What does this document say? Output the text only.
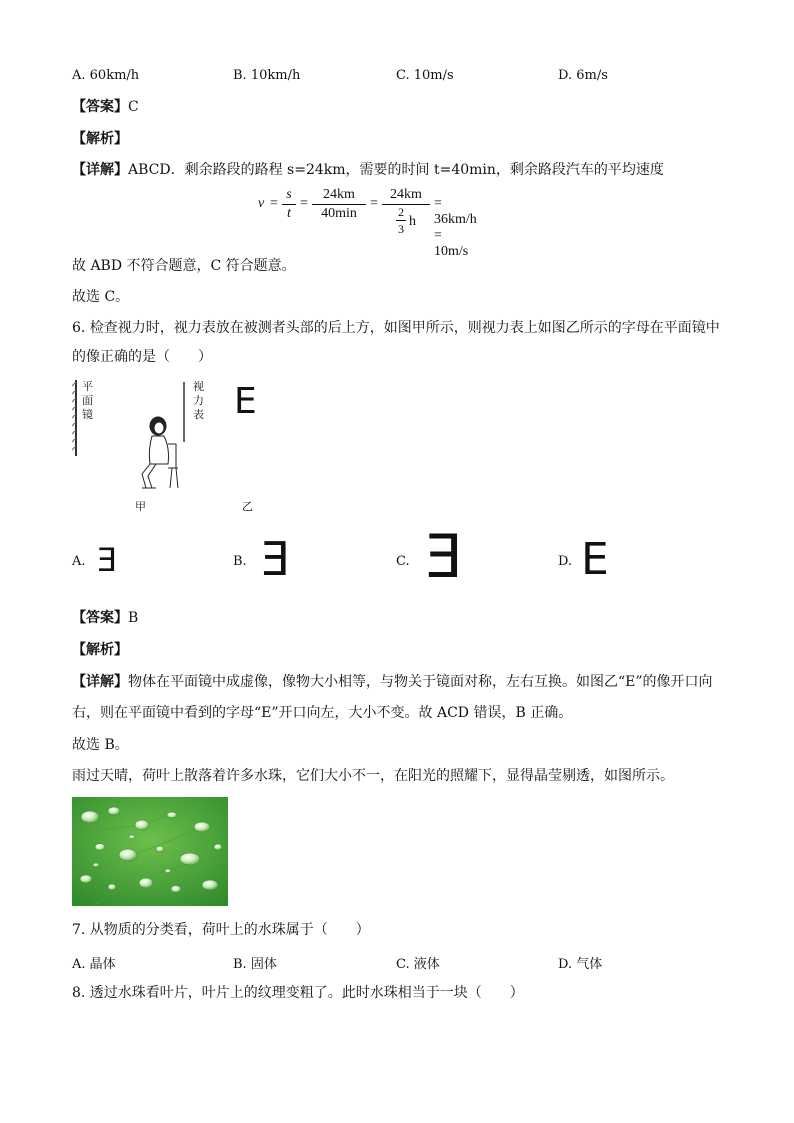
A. 60km/h	B. 10km/h	C. 10m/s	D. 6m/s
【答案】C
【解析】
【详解】ABCD．剩余路段的路程 s=24km，需要的时间 t=40min，剩余路段汽车的平均速度
$v = \frac{s}{t}$ =
24km
40min
= 24km
2
3 h = 36km/h = 10m/s
故 ABD 不符合题意，C 符合题意。
故选 C。
6. 检查视力时，视力表放在被测者头部的后上方，如图甲所示，则视力表上如图乙所示的字母在平面镜中
的像正确的是（　　）
平
面
镜
视
力
表 E
甲	乙
A. Ǝ	B. Ǝ	C. Ǝ	D. E
【答案】B
【解析】
【详解】物体在平面镜中成虚像，像物大小相等，与物关于镜面对称，左右互换。如图乙“E”的像开口向
右，则在平面镜中看到的字母“E”开口向左，大小不变。故 ACD 错误，B 正确。
故选 B。
雨过天晴，荷叶上散落着许多水珠，它们大小不一，在阳光的照耀下，显得晶莹剔透，如图所示。
7. 从物质的分类看，荷叶上的水珠属于（　　）
A. 晶体	B. 固体	C. 液体	D. 气体
8. 透过水珠看叶片，叶片上的纹理变粗了。此时水珠相当于一块（　　）
